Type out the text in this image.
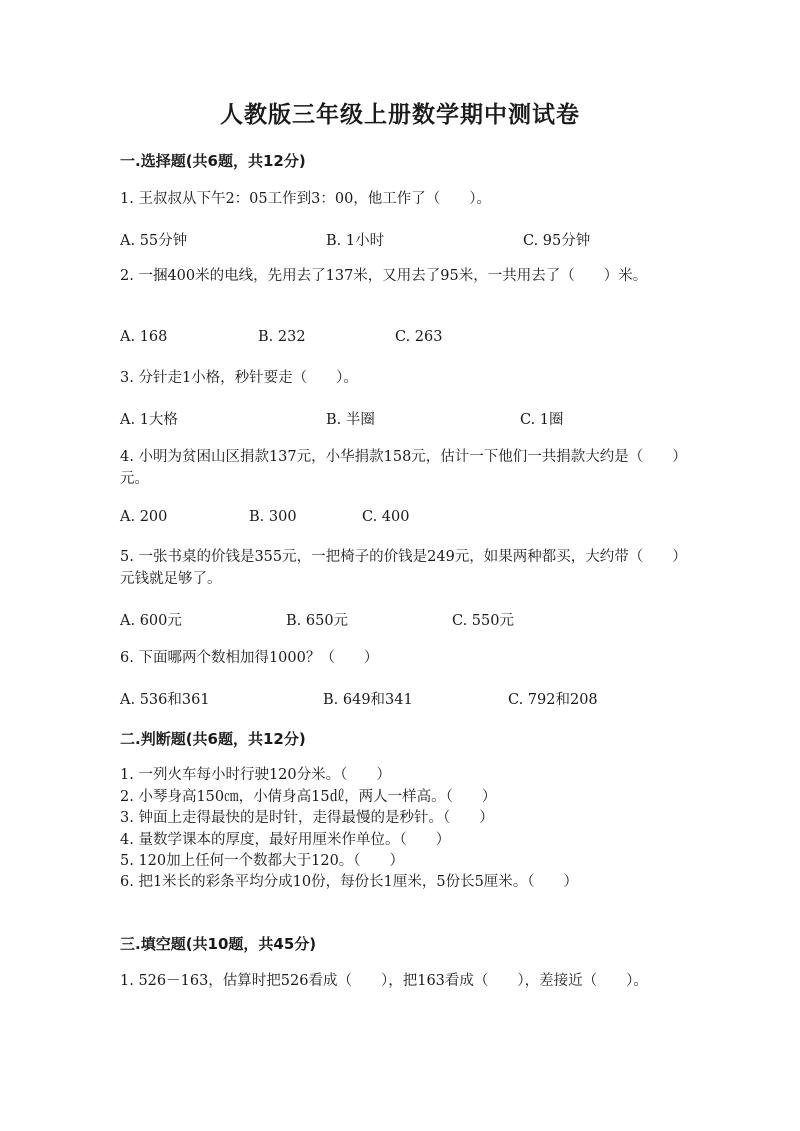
人教版三年级上册数学期中测试卷
一.选择题(共6题，共12分)
1. 王叔叔从下午2：05工作到3：00，他工作了（　　）。
A. 55分钟	B. 1小时	C. 95分钟
2. 一捆400米的电线，先用去了137米，又用去了95米，一共用去了（　　）米。
A. 168	B. 232	C. 263
3. 分针走1小格，秒针要走（　　）。
A. 1大格	B. 半圈	C. 1圈
4. 小明为贫困山区捐款137元，小华捐款158元，估计一下他们一共捐款大约是（　　）元。
A. 200	B. 300	C. 400
5. 一张书桌的价钱是355元，一把椅子的价钱是249元，如果两种都买，大约带（　　）元钱就足够了。
A. 600元	B. 650元	C. 550元
6. 下面哪两个数相加得1000？（　　）
A. 536和361	B. 649和341	C. 792和208
二.判断题(共6题，共12分)
1. 一列火车每小时行驶120分米。（　　）
2. 小琴身高150㎝，小倩身高15㎗，两人一样高。（　　）
3. 钟面上走得最快的是时针，走得最慢的是秒针。（　　）
4. 量数学课本的厚度，最好用厘米作单位。（　　）
5. 120加上任何一个数都大于120。（　　）
6. 把1米长的彩条平均分成10份，每份长1厘米，5份长5厘米。（　　）
三.填空题(共10题，共45分)
1. 526－163，估算时把526看成（　　），把163看成（　　），差接近（　　）。
